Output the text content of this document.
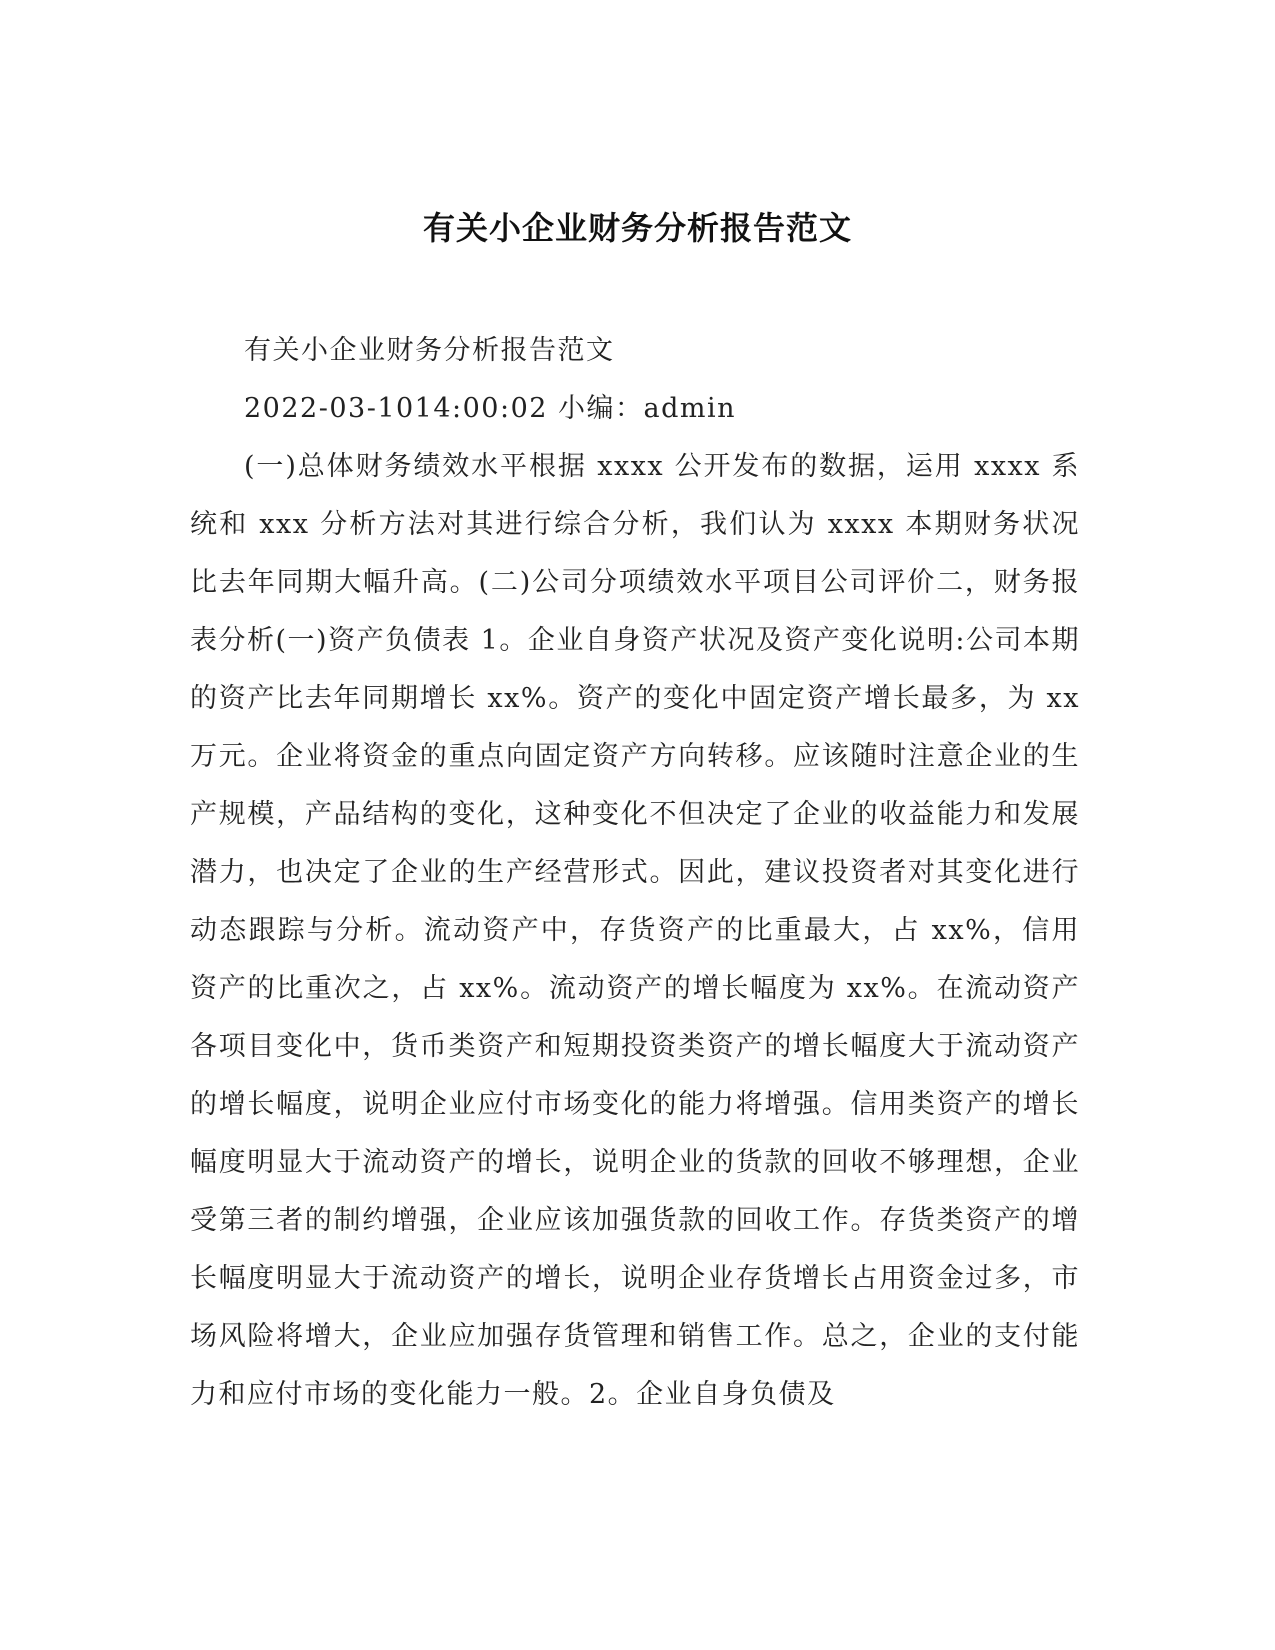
有关小企业财务分析报告范文

有关小企业财务分析报告范文

2022-03-1014:00:02 小编：admin

(一)总体财务绩效水平根据 xxxx 公开发布的数据，运用 xxxx 系统和 xxx 分析方法对其进行综合分析，我们认为 xxxx 本期财务状况比去年同期大幅升高。(二)公司分项绩效水平项目公司评价二，财务报表分析(一)资产负债表 1。企业自身资产状况及资产变化说明:公司本期的资产比去年同期增长 xx%。资产的变化中固定资产增长最多，为 xx 万元。企业将资金的重点向固定资产方向转移。应该随时注意企业的生产规模，产品结构的变化，这种变化不但决定了企业的收益能力和发展潜力，也决定了企业的生产经营形式。因此，建议投资者对其变化进行动态跟踪与分析。流动资产中，存货资产的比重最大，占 xx%，信用资产的比重次之，占 xx%。流动资产的增长幅度为 xx%。在流动资产各项目变化中，货币类资产和短期投资类资产的增长幅度大于流动资产的增长幅度，说明企业应付市场变化的能力将增强。信用类资产的增长幅度明显大于流动资产的增长，说明企业的货款的回收不够理想，企业受第三者的制约增强，企业应该加强货款的回收工作。存货类资产的增长幅度明显大于流动资产的增长，说明企业存货增长占用资金过多，市场风险将增大，企业应加强存货管理和销售工作。总之，企业的支付能力和应付市场的变化能力一般。2。企业自身负债及
